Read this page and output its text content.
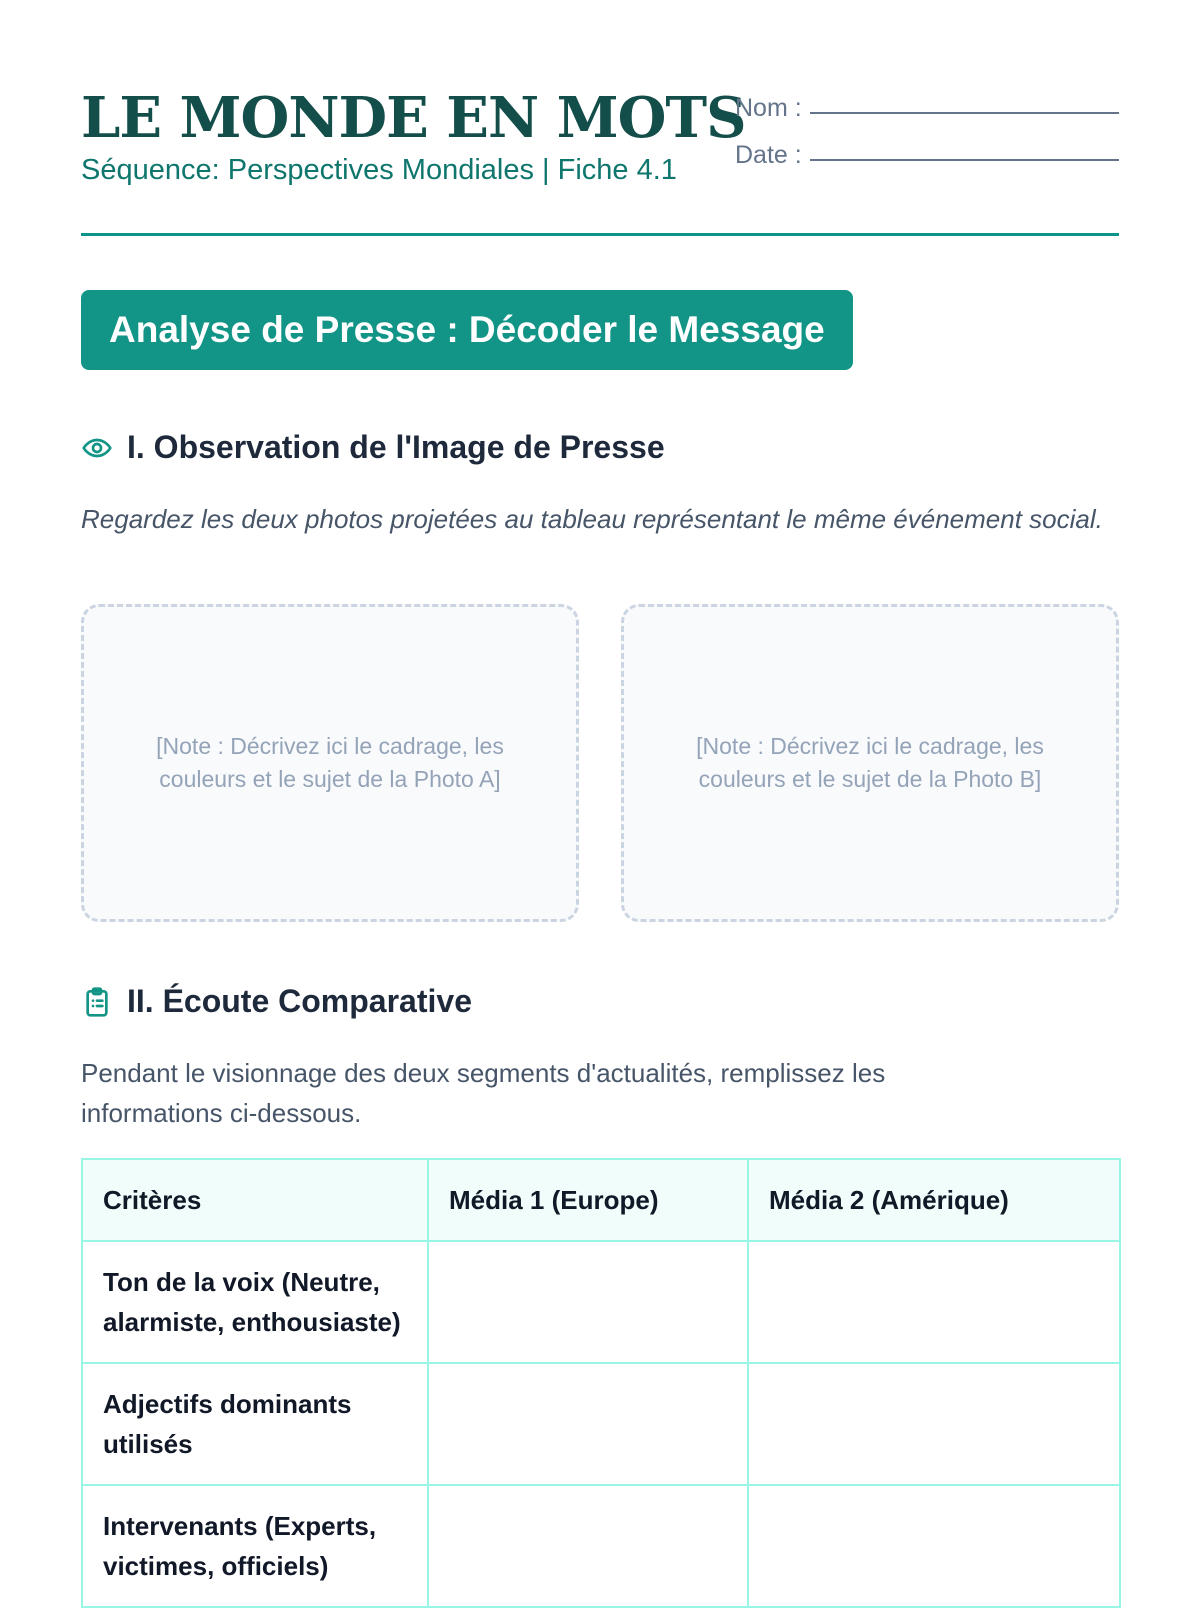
LE MONDE EN MOTS
Séquence: Perspectives Mondiales | Fiche 4.1
Nom :
Date :
Analyse de Presse : Décoder le Message
I. Observation de l'Image de Presse
Regardez les deux photos projetées au tableau représentant le même événement social.
[Note : Décrivez ici le cadrage, les couleurs et le sujet de la Photo A]
[Note : Décrivez ici le cadrage, les couleurs et le sujet de la Photo B]
II. Écoute Comparative
Pendant le visionnage des deux segments d'actualités, remplissez les informations ci-dessous.
Critères	Média 1 (Europe)	Média 2 (Amérique)
Ton de la voix (Neutre, alarmiste, enthousiaste)		
Adjectifs dominants utilisés		
Intervenants (Experts, victimes, officiels)		
